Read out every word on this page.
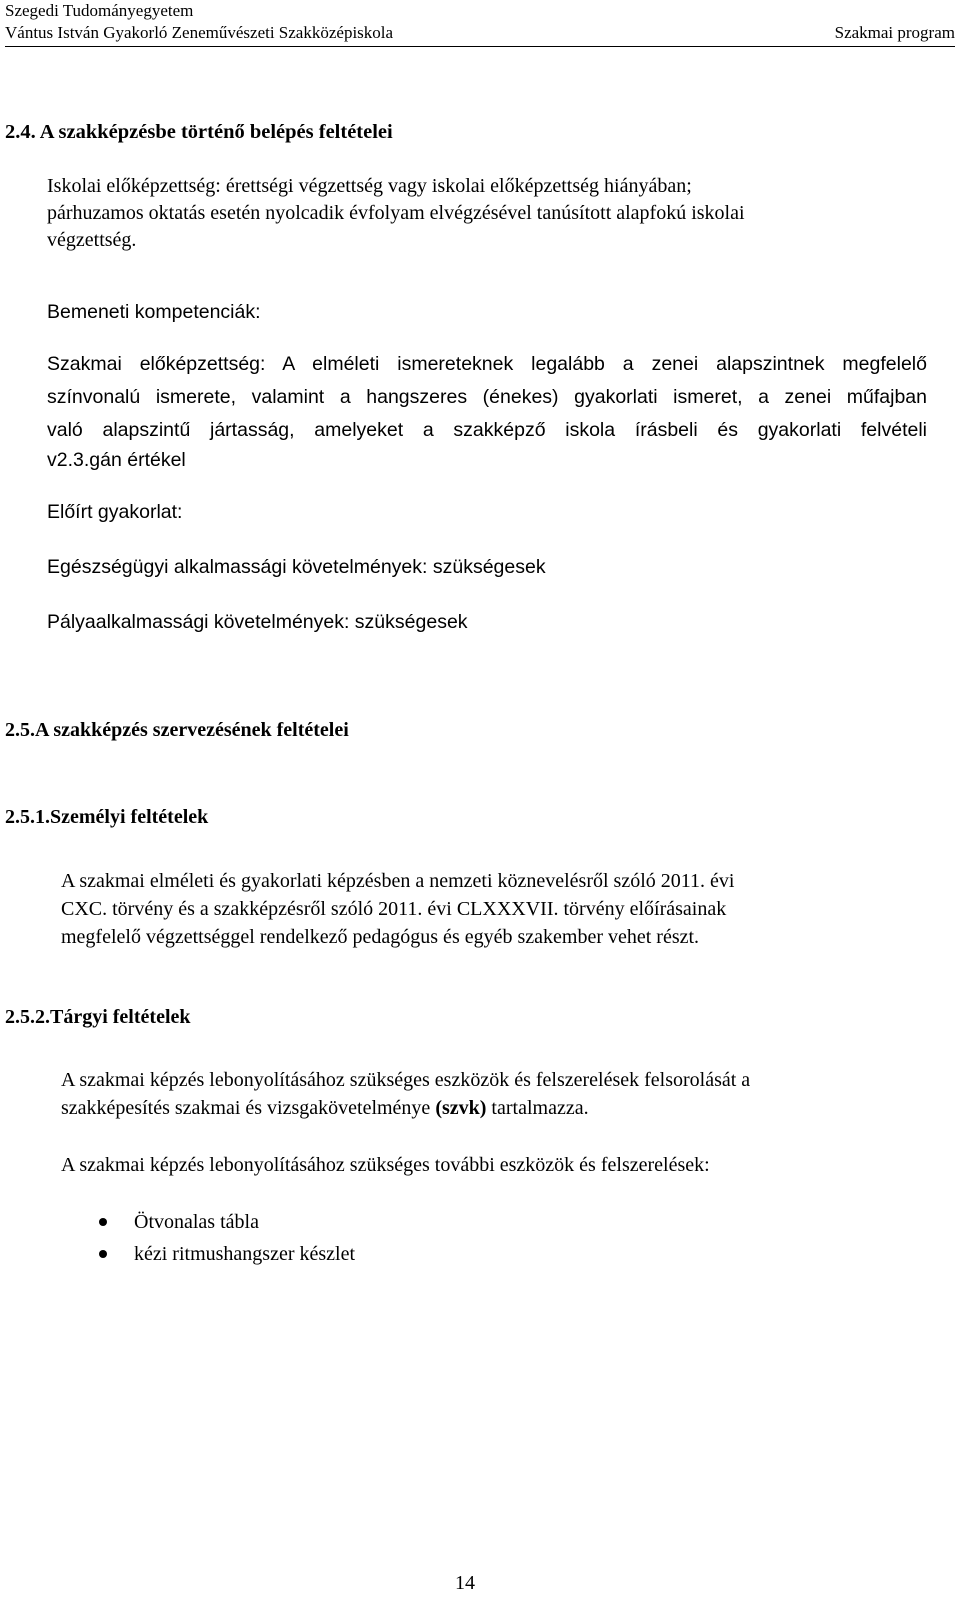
Szegedi Tudományegyetem
Vántus István Gyakorló Zeneművészeti Szakközépiskola	Szakmai program
2.4. A szakképzésbe történő belépés feltételei
Iskolai előképzettség: érettségi végzettség vagy iskolai előképzettség hiányában;
párhuzamos oktatás esetén nyolcadik évfolyam elvégzésével tanúsított alapfokú iskolai
végzettség.
Bemeneti kompetenciák:
Szakmai előképzettség: A elméleti ismereteknek legalább a zenei alapszintnek megfelelő
színvonalú ismerete, valamint a hangszeres (énekes) gyakorlati ismeret, a zenei műfajban
való alapszintű jártasság, amelyeket a szakképző iskola írásbeli és gyakorlati felvételi
v2.3.gán értékel
Előírt gyakorlat:
Egészségügyi alkalmassági követelmények: szükségesek
Pályaalkalmassági követelmények: szükségesek
2.5.A szakképzés szervezésének feltételei
2.5.1.Személyi feltételek
A szakmai elméleti és gyakorlati képzésben a nemzeti köznevelésről szóló 2011. évi
CXC. törvény és a szakképzésről szóló 2011. évi CLXXXVII. törvény előírásainak
megfelelő végzettséggel rendelkező pedagógus és egyéb szakember vehet részt.
2.5.2.Tárgyi feltételek
A szakmai képzés lebonyolításához szükséges eszközök és felszerelések felsorolását a
szakképesítés szakmai és vizsgakövetelménye (szvk) tartalmazza.
A szakmai képzés lebonyolításához szükséges további eszközök és felszerelések:
Ötvonalas tábla
kézi ritmushangszer készlet
14
